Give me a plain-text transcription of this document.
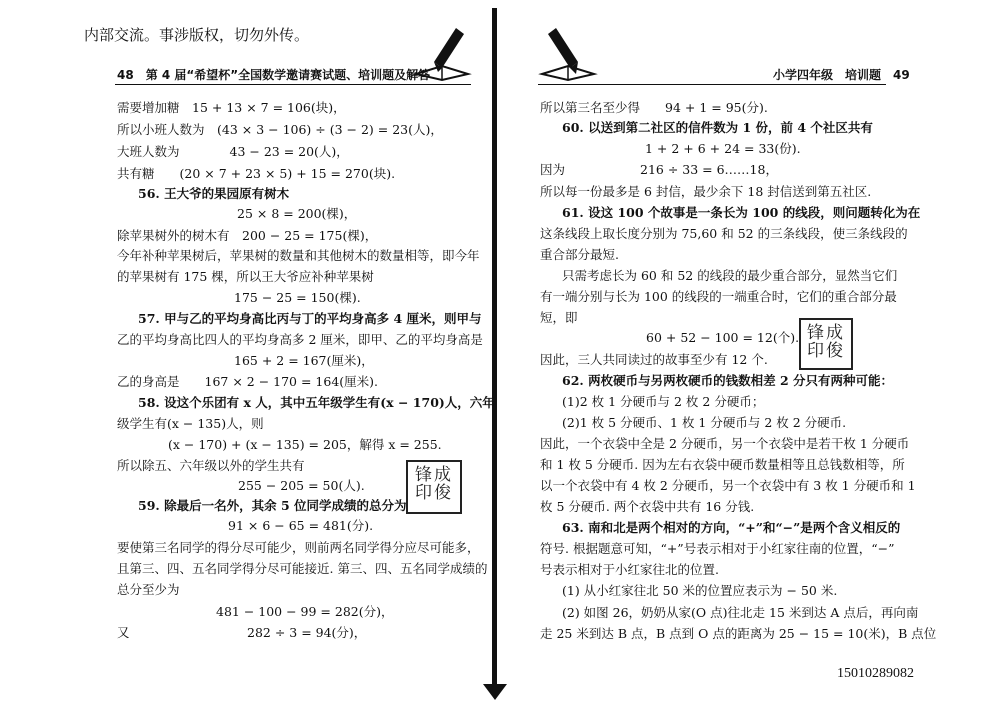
内部交流。事涉版权，切勿外传。
48　第 4 届“希望杯”全国数学邀请赛试题、培训题及解答	小学四年级　培训题　49
需要增加糖　15 + 13 × 7 = 106(块)，
所以小班人数为　(43 × 3 − 106) ÷ (3 − 2) = 23(人)，
大班人数为　　　　43 − 23 = 20(人)，
共有糖　　(20 × 7 + 23 × 5) + 15 = 270(块).
56. 王大爷的果园原有树木
25 × 8 = 200(棵)，
除苹果树外的树木有　200 − 25 = 175(棵)，
今年补种苹果树后，苹果树的数量和其他树木的数量相等，即今年
的苹果树有 175 棵，所以王大爷应补种苹果树
175 − 25 = 150(棵).
57. 甲与乙的平均身高比丙与丁的平均身高多 4 厘米，则甲与
乙的平均身高比四人的平均身高多 2 厘米，即甲、乙的平均身高是
165 + 2 = 167(厘米)，
乙的身高是　　167 × 2 − 170 = 164(厘米).
58. 设这个乐团有 x 人，其中五年级学生有(x − 170)人，六年
级学生有(x − 135)人，则
(x − 170) + (x − 135) = 205，解得 x = 255.
所以除五、六年级以外的学生共有
255 − 205 = 50(人).
59. 除最后一名外，其余 5 位同学成绩的总分为
91 × 6 − 65 = 481(分).
要使第三名同学的得分尽可能少，则前两名同学得分应尽可能多，
且第三、四、五名同学得分尽可能接近. 第三、四、五名同学成绩的
总分至少为
481 − 100 − 99 = 282(分)，
又	282 ÷ 3 = 94(分)，
锋成
印俊
所以第三名至少得　　94 + 1 = 95(分).
60. 以送到第二社区的信件数为 1 份，前 4 个社区共有
1 + 2 + 6 + 24 = 33(份).
因为　　　　　　216 ÷ 33 = 6……18，
所以每一份最多是 6 封信，最少余下 18 封信送到第五社区.
61. 设这 100 个故事是一条长为 100 的线段，则问题转化为在
这条线段上取长度分别为 75,60 和 52 的三条线段，使三条线段的
重合部分最短.
只需考虑长为 60 和 52 的线段的最少重合部分，显然当它们
有一端分别与长为 100 的线段的一端重合时，它们的重合部分最
短，即
60 + 52 − 100 = 12(个).
因此，三人共同读过的故事至少有 12 个.
62. 两枚硬币与另两枚硬币的钱数相差 2 分只有两种可能：
(1)2 枚 1 分硬币与 2 枚 2 分硬币；
(2)1 枚 5 分硬币、1 枚 1 分硬币与 2 枚 2 分硬币.
因此，一个衣袋中全是 2 分硬币，另一个衣袋中是若干枚 1 分硬币
和 1 枚 5 分硬币. 因为左右衣袋中硬币数量相等且总钱数相等，所
以一个衣袋中有 4 枚 2 分硬币，另一个衣袋中有 3 枚 1 分硬币和 1
枚 5 分硬币. 两个衣袋中共有 16 分钱.
63. 南和北是两个相对的方向，“+”和“−”是两个含义相反的
符号. 根据题意可知，“+”号表示相对于小红家往南的位置，“−”
号表示相对于小红家往北的位置.
(1) 从小红家往北 50 米的位置应表示为 − 50 米.
(2) 如图 26，奶奶从家(O 点)往北走 15 米到达 A 点后，再向南
走 25 米到达 B 点，B 点到 O 点的距离为 25 − 15 = 10(米)，B 点位
锋成
印俊
15010289082
